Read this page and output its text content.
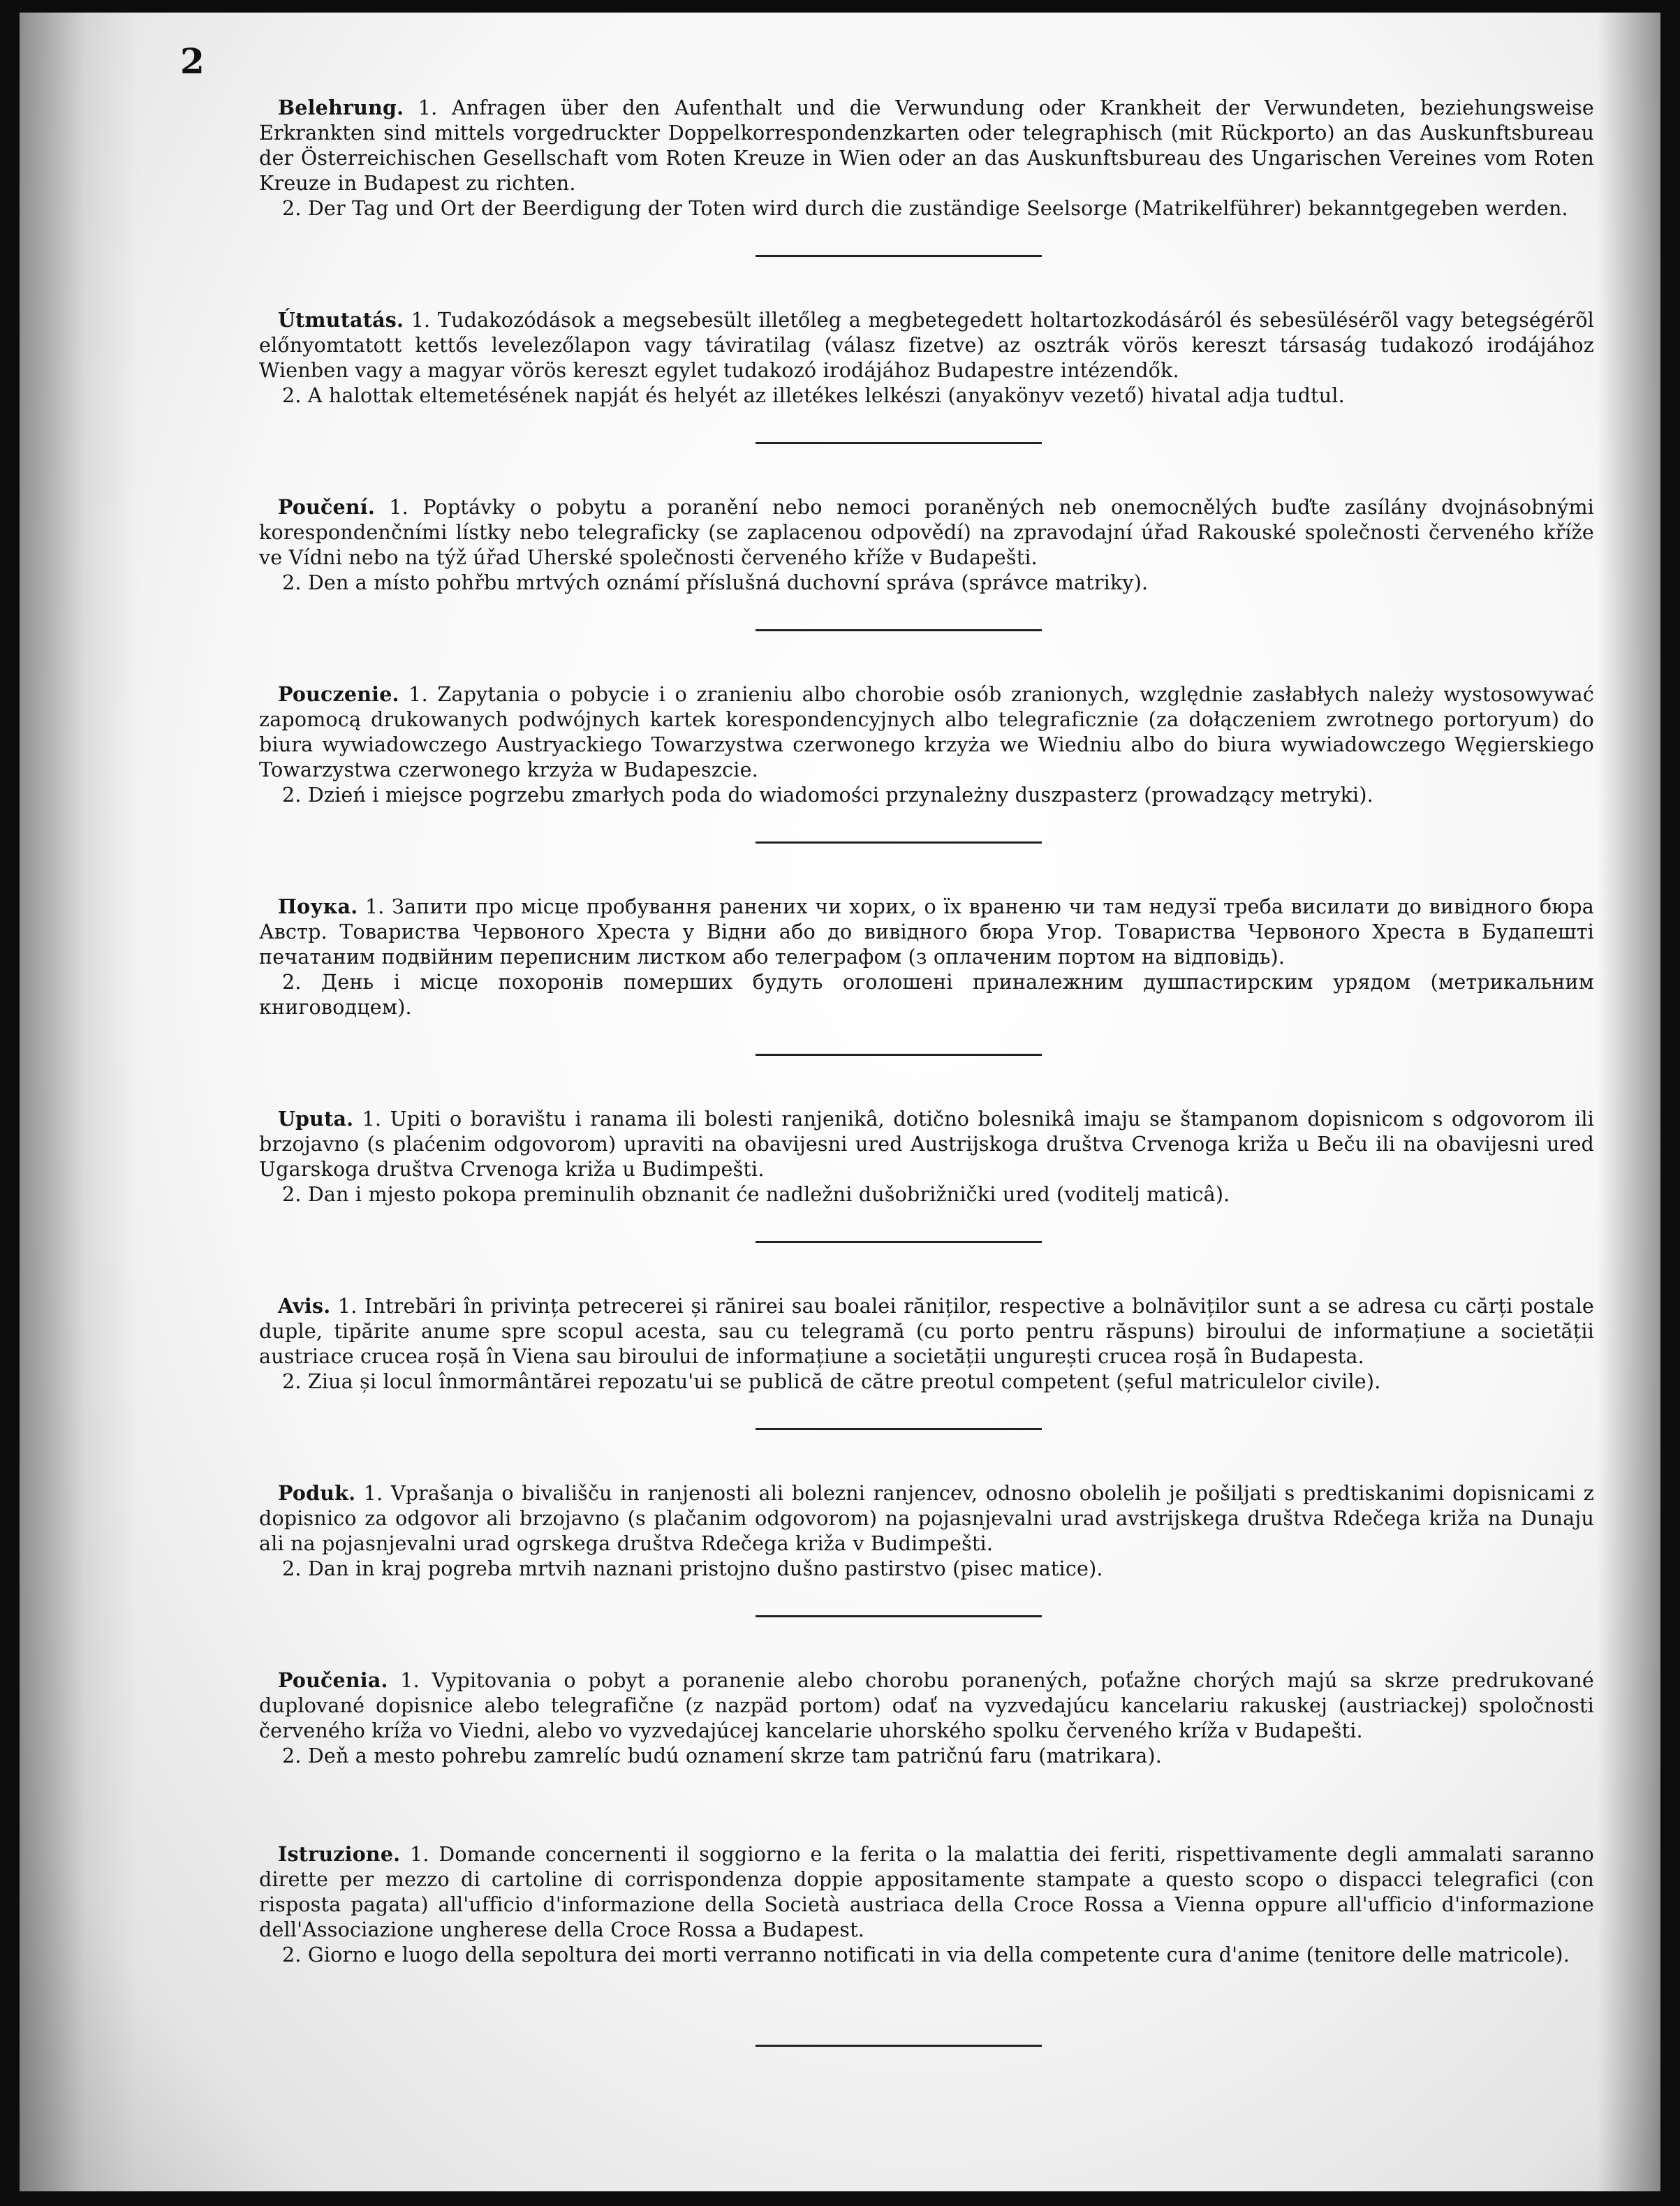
2

Belehrung. 1. Anfragen über den Aufenthalt und die Verwundung oder Krankheit der Verwundeten, beziehungsweise Erkrankten sind mittels vorgedruckter Doppelkorrespondenzkarten oder telegraphisch (mit Rückporto) an das Auskunftsbureau der Österreichischen Gesellschaft vom Roten Kreuze in Wien oder an das Auskunftsbureau des Ungarischen Vereines vom Roten Kreuze in Budapest zu richten.

2. Der Tag und Ort der Beerdigung der Toten wird durch die zuständige Seelsorge (Matrikelführer) bekanntgegeben werden.

Útmutatás. 1. Tudakozódások a megsebesült illetőleg a megbetegedett holtartozkodásáról és sebesülésérõl vagy betegségérõl előnyomtatott kettős levelezőlapon vagy távirati​lag (válasz fizetve) az osztrák vörös kereszt társaság tudakozó irodájához Wienben vagy a magyar vörös kereszt egylet tudakozó irodájához Budapestre intézendők.

2. A halottak eltemetésének napját és helyét az illetékes lelkészi (anyakönyv vezető) hivatal adja tudtul.

Poučení. 1. Poptávky o pobytu a poranění nebo nemoci poraněných neb onemocnělých buďte zasílány dvojnásobnými korespondenčními lístky nebo telegraficky (se zaplacenou odpovědí) na zpravodajní úřad Rakouské společnosti červeného kříže ve Vídni nebo na týž úřad Uherské společnosti červeného kříže v Budapešti.

2. Den a místo pohřbu mrtvých oznámí příslušná duchovní správa (správce matriky).

Pouczenie. 1. Zapytania o pobycie i o zranieniu albo chorobie osób zranionych, względnie zasłabłych należy wystosowywać zapomocą drukowanych podwójnych kartek korespondencyjnych albo telegraficznie (za dołączeniem zwrotnego portoryum) do biura wywiadowczego Austryackiego Towarzystwa czerwonego krzyża we Wiedniu albo do biura wywiadowczego Węgierskiego Towarzystwa czerwonego krzyża w Budapeszcie.

2. Dzień i miejsce pogrzebu zmarłych poda do wiadomości przynależny duszpasterz (prowadzący metryki).

Поука. 1. Запити про місце пробування ранених чи хорих, о їх враненю чи там недузї треба висилати до вивідного бюра Австр. Товариства Червоного Хреста у Відни або до вивідного бюра Угор. Товариства Червоного Хреста в Будапешті печатаним подвійним переписним листком або телеграфом (з оплаченим портом на відповідь).

2. День і місце похоронів померших будуть оголошені приналежним душпастирским урядом (метрикальним книговодцем).

Uputa. 1. Upiti o boravištu i ranama ili bolesti ranjenikâ, dotično bolesnikâ imaju se štampanom dopisnicom s odgovorom ili brzojavno (s plaćenim odgovorom) upraviti na obavijesni ured Austrijskoga društva Crvenoga križa u Beču ili na obavijesni ured Ugarskoga društva Crvenoga križa u Budimpešti.

2. Dan i mjesto pokopa preminulih obznanit će nadležni dušobrižnički ured (voditelj maticâ).

Avis. 1. Intrebări în privința petrecerei și rănirei sau boalei răniților, respective a bolnăviților sunt a se adresa cu cărți postale duple, tipărite anume spre scopul acesta, sau cu telegramă (cu porto pentru răspuns) biroului de informațiune a societății austriace crucea roșă în Viena sau biroului de informațiune a societății ungurești crucea roșă în Budapesta.

2. Ziua și locul înmormântărei repozatu'ui se publică de către preotul competent (șeful matriculelor civile).

Poduk. 1. Vprašanja o bivališču in ranjenosti ali bolezni ranjencev, odnosno obolelih je pošiljati s predtiskanimi dopisnicami z dopisnico za odgovor ali brzojavno (s plačanim odgovorom) na pojasnjevalni urad avstrijskega društva Rdečega križa na Dunaju ali na pojasnjevalni urad ogrskega društva Rdečega križa v Budimpešti.

2. Dan in kraj pogreba mrtvih naznani pristojno dušno pastirstvo (pisec matice).

Poučenia. 1. Vypitovania o pobyt a poranenie alebo chorobu poranených, poťažne chorých majú sa skrze predrukované duplované dopisnice alebo telegrafične (z nazpäd portom) odať na vyzvedajúcu kancelariu rakuskej (austriackej) spoločnosti červeného kríža vo Viedni, alebo vo vyzvedajúcej kancelarie uhorského spolku červeného kríža v Budapešti.

2. Deň a mesto pohrebu zamrelíc budú oznamení skrze tam patričnú faru (matrikara).

Istruzione. 1. Domande concernenti il soggiorno e la ferita o la malattia dei feriti, rispettivamente degli ammalati saranno dirette per mezzo di cartoline di corrispondenza doppie appositamente stampate a questo scopo o dispacci telegrafici (con risposta pagata) all'ufficio d'informazione della Società austriaca della Croce Rossa a Vienna oppure all'ufficio d'informazione dell'Associazione ungherese della Croce Rossa a Budapest.

2. Giorno e luogo della sepoltura dei morti verranno notificati in via della competente cura d'anime (tenitore delle matricole).
